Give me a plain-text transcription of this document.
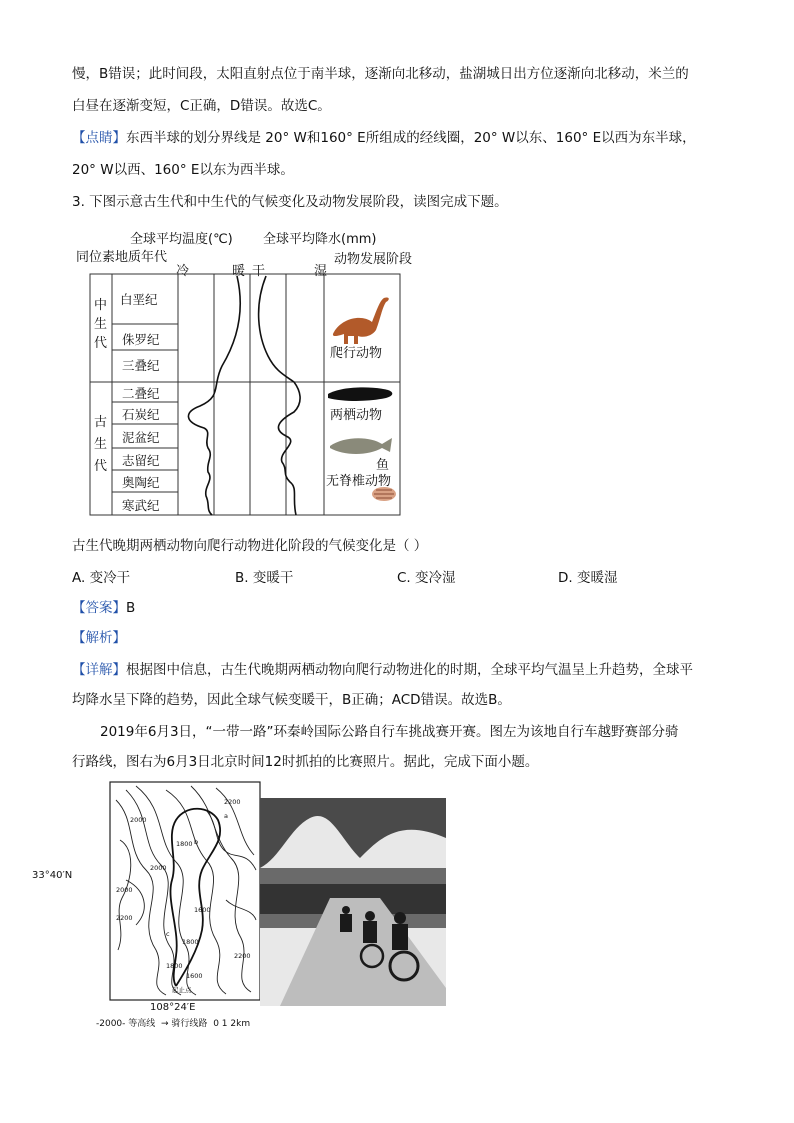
慢，B错误；此时间段，太阳直射点位于南半球，逐渐向北移动，盐湖城日出方位逐渐向北移动，米兰的
白昼在逐渐变短，C正确，D错误。故选C。
【点睛】东西半球的划分界线是 20° W和160° E所组成的经线圈，20° W以东、160° E以西为东半球，
20° W以西、160° E以东为西半球。
3. 下图示意古生代和中生代的气候变化及动物发展阶段，读图完成下题。
全球平均温度(℃) 全球平均降水(mm)
同位素地质年代
冷	暖 干	湿
动物发展阶段
中
生
代
古
生
代
白垩纪
侏罗纪
三叠纪
二叠纪
石炭纪
泥盆纪
志留纪
奥陶纪
寒武纪
爬行动物
两栖动物
鱼
无脊椎动物
古生代晚期两栖动物向爬行动物进化阶段的气候变化是（ ）
A. 变冷干	B. 变暖干	C. 变冷湿	D. 变暖湿
【答案】B
【解析】
【详解】根据图中信息，古生代晚期两栖动物向爬行动物进化的时期，全球平均气温呈上升趋势，全球平
均降水呈下降的趋势，因此全球气候变暖干，B正确；ACD错误。故选B。
2019年6月3日，“一带一路”环秦岭国际公路自行车挑战赛开赛。图左为该地自行车越野赛部分骑
行路线，图右为6月3日北京时间12时抓拍的比赛照片。据此，完成下面小题。
2000
2200
1800
2000
2200
1600
1800
1800
1600
2000
2200
a
b
c
起止点
33°40′N
108°24′E
-2000- 等高线  → 骑行线路 0 1 2km
